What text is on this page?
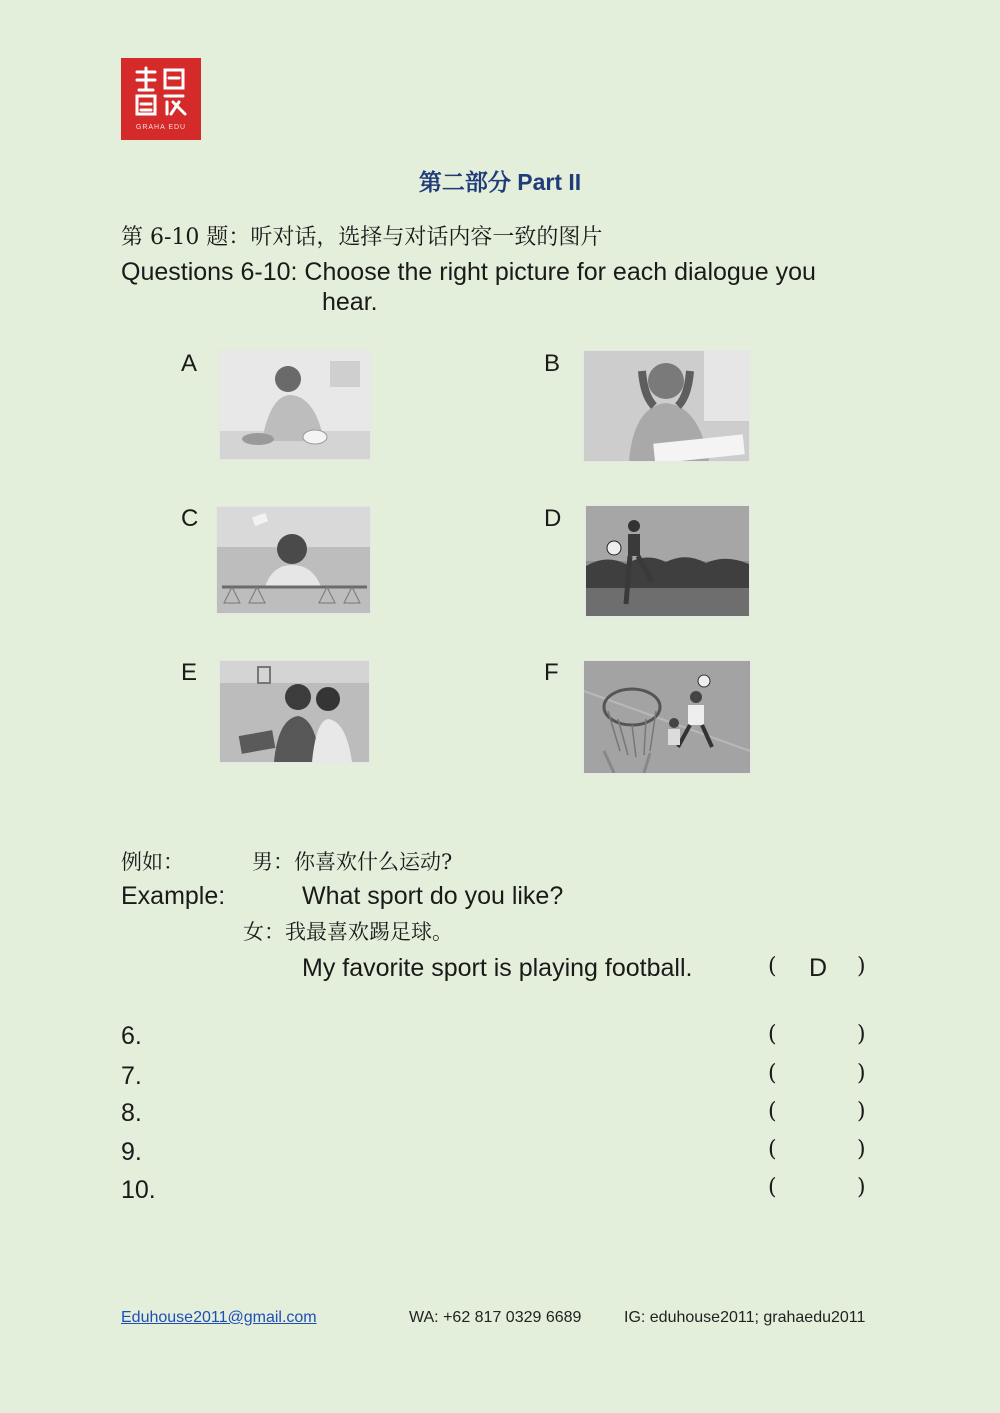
GRAHA EDU
第二部分 Part II
第 6-10 题：听对话，选择与对话内容一致的图片
Questions 6-10: Choose the right picture for each dialogue you
hear.
A	B
C	D
E	F
例如：	男：你喜欢什么运动?
Example:	What sport do you like?
女：我最喜欢踢足球。
My favorite sport is playing football.	( D )
6.	(	)
7.	(	)
8.	(	)
9.	(	)
10.	(	)
Eduhouse2011@gmail.com	WA: +62 817 0329 6689	IG: eduhouse2011; grahaedu2011
